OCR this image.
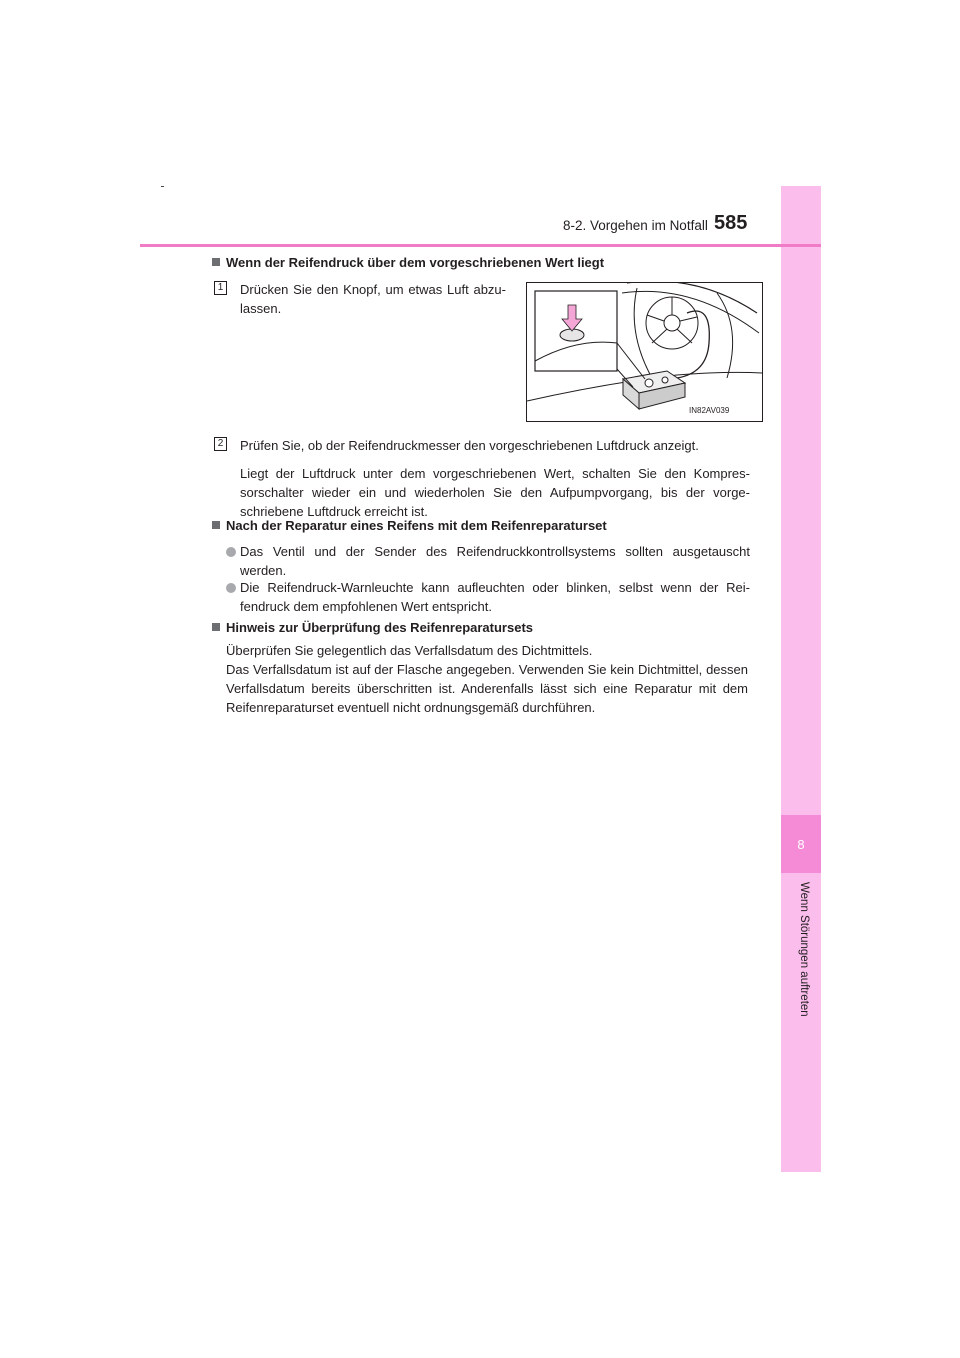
8
Wenn Störungen auftreten
8-2. Vorgehen im Notfall 585
Wenn der Reifendruck über dem vorgeschriebenen Wert liegt
1 Drücken Sie den Knopf, um etwas Luft abzu-lassen.
IN82AV039
2 Prüfen Sie, ob der Reifendruckmesser den vorgeschriebenen Luftdruck anzeigt.
Liegt der Luftdruck unter dem vorgeschriebenen Wert, schalten Sie den Kompres-sorschalter wieder ein und wiederholen Sie den Aufpumpvorgang, bis der vorge-schriebene Luftdruck erreicht ist.
Nach der Reparatur eines Reifens mit dem Reifenreparaturset
Das Ventil und der Sender des Reifendruckkontrollsystems sollten ausgetauscht werden.
Die Reifendruck-Warnleuchte kann aufleuchten oder blinken, selbst wenn der Rei-fendruck dem empfohlenen Wert entspricht.
Hinweis zur Überprüfung des Reifenreparatursets
Überprüfen Sie gelegentlich das Verfallsdatum des Dichtmittels.
Das Verfallsdatum ist auf der Flasche angegeben. Verwenden Sie kein Dichtmittel, dessen Verfallsdatum bereits überschritten ist. Anderenfalls lässt sich eine Reparatur mit dem Reifenreparaturset eventuell nicht ordnungsgemäß durchführen.
